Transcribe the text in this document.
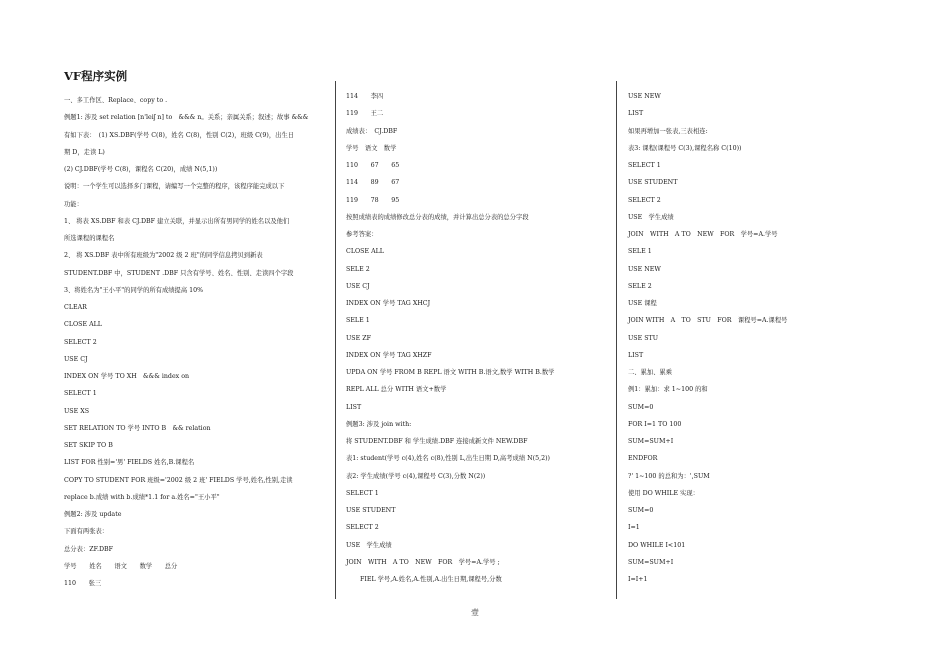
VF程序实例
一、多工作区、Replace、copy to .
例题1: 涉及 set relation [n'leiʃ n] to　&&& n。关系；亲属关系；叙述；故事 &&&
有如下表：　(1) XS.DBF(学号 C(8)，姓名 C(8)，性别 C(2)，班级 C(9)，出生日
期 D，走读 L)
(2) CJ.DBF(学号 C(8)，课程名 C(20)，成绩 N(5,1))
说明：一个学生可以选择多门课程，请编写一个完整的程序，该程序能完成以下
功能：
1、 将表 XS.DBF 和表 CJ.DBF 建立关联，并显示出所有男同学的姓名以及他们
所选课程的课程名
2、 将 XS.DBF 表中所有班级为"2002 级 2 班"的同学信息拷贝到新表
STUDENT.DBF 中，STUDENT .DBF 只含有学号、姓名、性别、走读四个字段
3、将姓名为"王小平"的同学的所有成绩提高 10%
CLEAR
CLOSE ALL
SELECT 2
USE CJ
INDEX ON 学号 TO XH　&&& index on
SELECT 1
USE XS
SET RELATION TO 学号 INTO B　&& relation
SET SKIP TO B
LIST FOR 性别='男' FIELDS 姓名,B.课程名
COPY TO STUDENT FOR 班级='2002 级 2 班' FIELDS 学号,姓名,性别,走读
replace b.成绩 with b.成绩*1.1 for a.姓名="王小平"
例题2: 涉及 update
下面有两张表：
总分表：ZF.DBF
学号　　姓名　　语文　　数学　　总分
110　　张三
114　　李四
119　　王二
成绩表：　CJ.DBF
学号　语文　数学
110　　67　　65
114　　89　　67
119　　78　　95
按照成绩表的成绩修改总分表的成绩，并计算出总分表的总分字段
参考答案：
CLOSE ALL
SELE 2
USE CJ
INDEX ON 学号 TAG XHCJ
SELE 1
USE ZF
INDEX ON 学号 TAG XHZF
UPDA ON 学号 FROM B REPL 语文 WITH B.语文,数学 WITH B.数学
REPL ALL 总分 WITH 语文+数学
LIST
例题3: 涉及 join with:
将 STUDENT.DBF 和 学生成绩.DBF 连接成新文件 NEW.DBF
表1: student(学号 c(4),姓名 c(8),性别 L,出生日期 D,高考成绩 N(5,2))
表2: 学生成绩(学号 c(4),课程号 C(3),分数 N(2))
SELECT 1
USE STUDENT
SELECT 2
USE　学生成绩
JOIN　WITH　A TO　NEW　FOR　学号=A.学号 ;
FIEL 学号,A.姓名,A.性别,A.出生日期,课程号,分数
USE NEW
LIST
如果再增加一张表,三表相连:
表3: 课程(课程号 C(3),课程名称 C(10))
SELECT 1
USE STUDENT
SELECT 2
USE　学生成绩
JOIN　WITH　A TO　NEW　FOR　学号=A.学号
SELE 1
USE NEW
SELE 2
USE 课程
JOIN WITH　A　TO　STU　FOR　课程号=A.课程号
USE STU
LIST
二、累加、累乘
例1：累加：求 1~100 的和
SUM=0
FOR I=1 TO 100
SUM=SUM+I
ENDFOR
?' 1~100 的总和为：',SUM
使用 DO WHILE 实现：
SUM=0
I=1
DO WHILE I<101
SUM=SUM+I
I=I+1
壹
